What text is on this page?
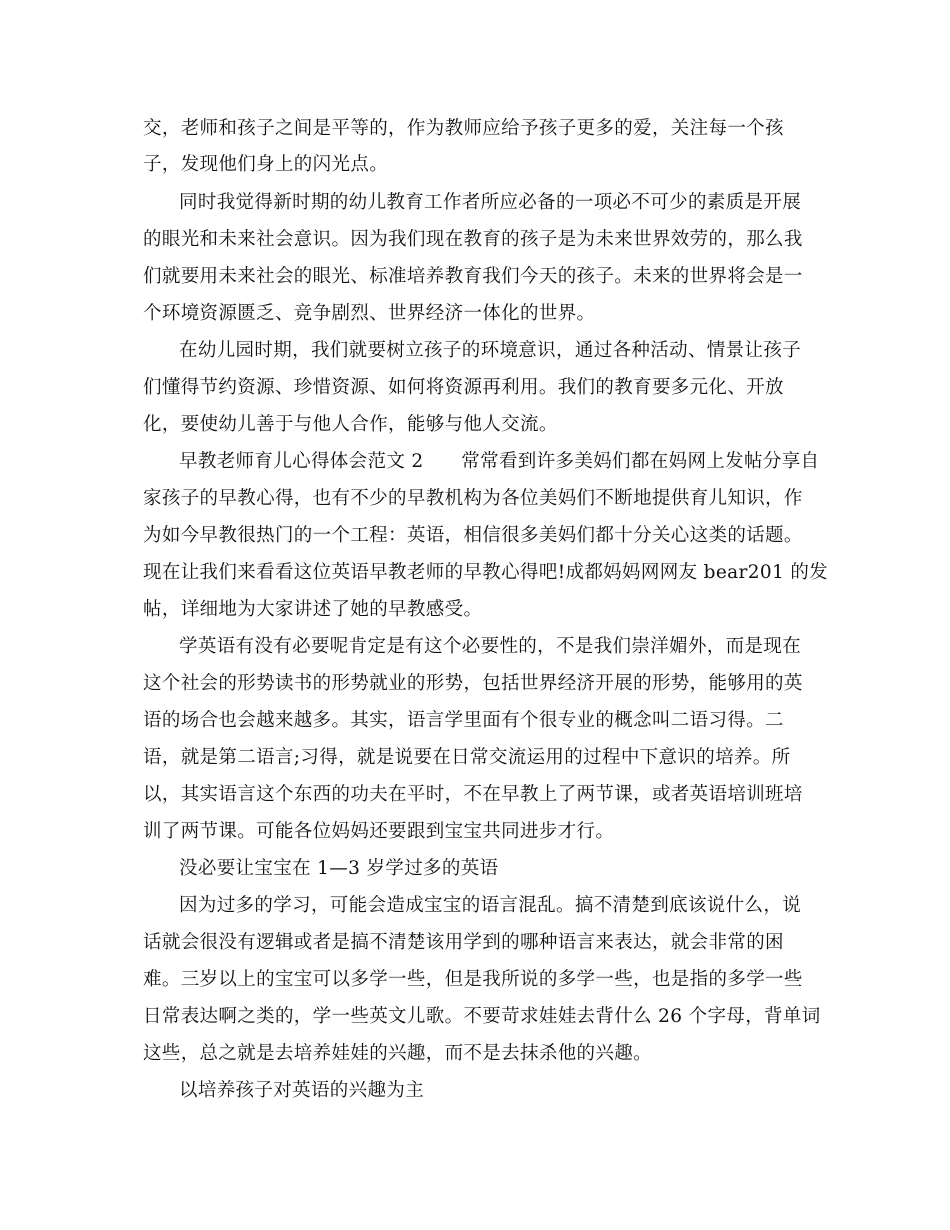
交，老师和孩子之间是平等的，作为教师应给予孩子更多的爱，关注每一个孩
子，发现他们身上的闪光点。
同时我觉得新时期的幼儿教育工作者所应必备的一项必不可少的素质是开展
的眼光和未来社会意识。因为我们现在教育的孩子是为未来世界效劳的，那么我
们就要用未来社会的眼光、标准培养教育我们今天的孩子。未来的世界将会是一
个环境资源匮乏、竞争剧烈、世界经济一体化的世界。
在幼儿园时期，我们就要树立孩子的环境意识，通过各种活动、情景让孩子
们懂得节约资源、珍惜资源、如何将资源再利用。我们的教育要多元化、开放
化，要使幼儿善于与他人合作，能够与他人交流。
早教老师育儿心得体会范文 2　　常常看到许多美妈们都在妈网上发帖分享自
家孩子的早教心得，也有不少的早教机构为各位美妈们不断地提供育儿知识，作
为如今早教很热门的一个工程：英语，相信很多美妈们都十分关心这类的话题。
现在让我们来看看这位英语早教老师的早教心得吧!成都妈妈网网友 bear201 的发
帖，详细地为大家讲述了她的早教感受。
学英语有没有必要呢肯定是有这个必要性的，不是我们崇洋媚外，而是现在
这个社会的形势读书的形势就业的形势，包括世界经济开展的形势，能够用的英
语的场合也会越来越多。其实，语言学里面有个很专业的概念叫二语习得。二
语，就是第二语言;习得，就是说要在日常交流运用的过程中下意识的培养。所
以，其实语言这个东西的功夫在平时，不在早教上了两节课，或者英语培训班培
训了两节课。可能各位妈妈还要跟到宝宝共同进步才行。
没必要让宝宝在 1—3 岁学过多的英语
因为过多的学习，可能会造成宝宝的语言混乱。搞不清楚到底该说什么，说
话就会很没有逻辑或者是搞不清楚该用学到的哪种语言来表达，就会非常的困
难。三岁以上的宝宝可以多学一些，但是我所说的多学一些，也是指的多学一些
日常表达啊之类的，学一些英文儿歌。不要苛求娃娃去背什么 26 个字母，背单词
这些，总之就是去培养娃娃的兴趣，而不是去抹杀他的兴趣。
以培养孩子对英语的兴趣为主
